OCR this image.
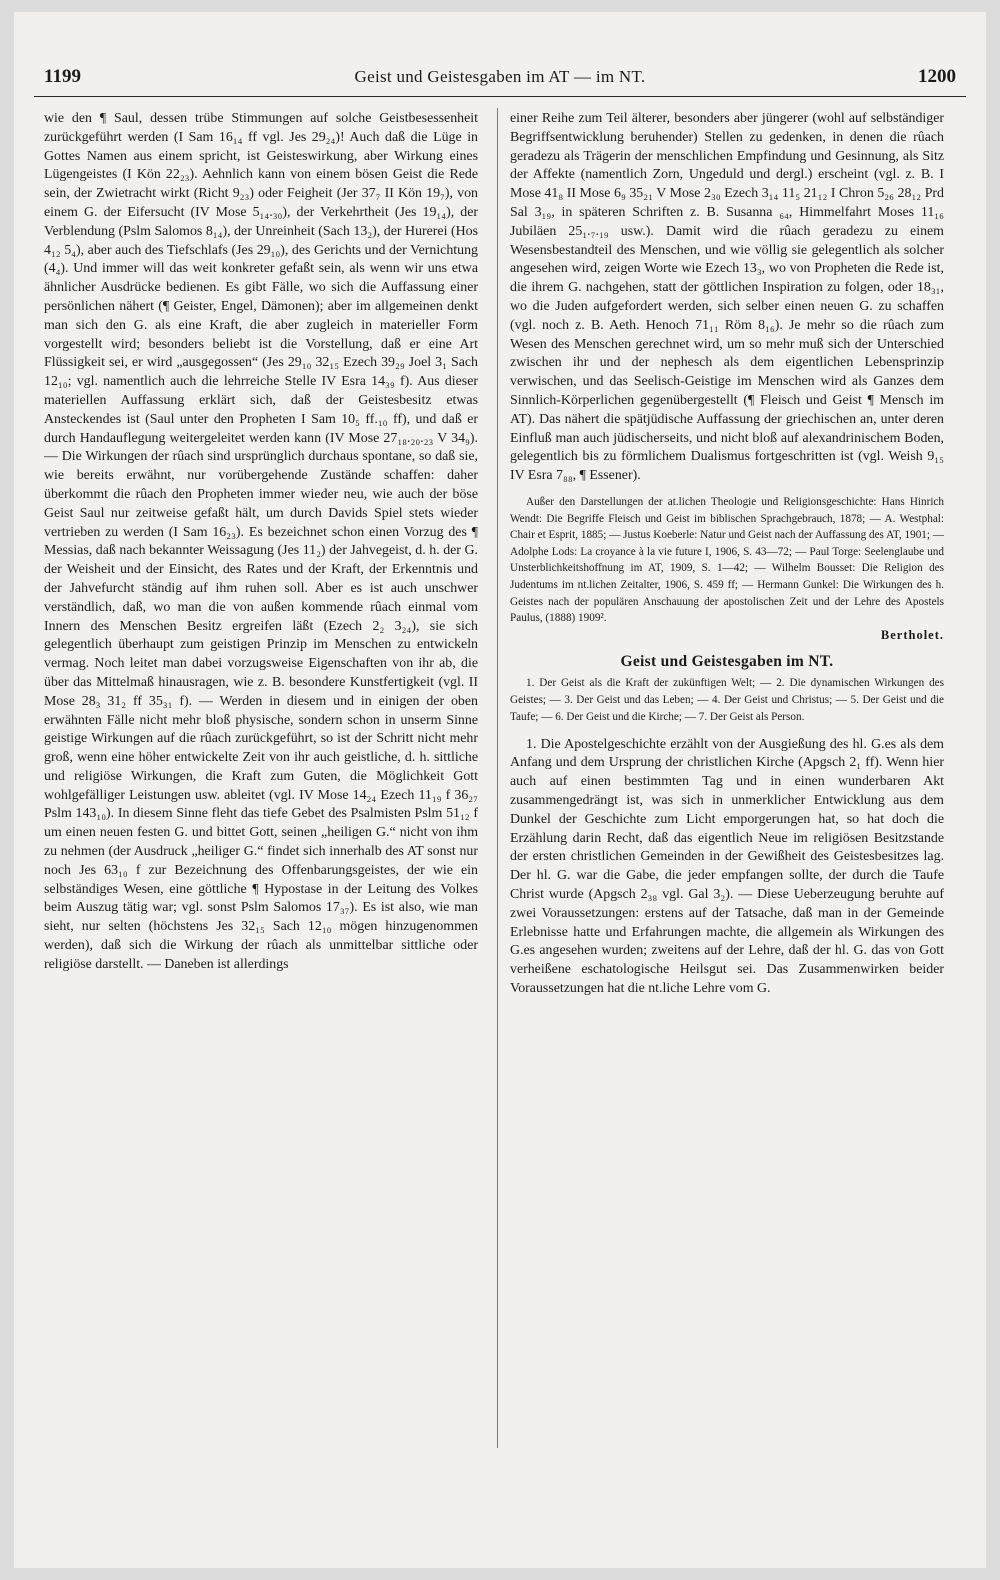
1199	Geist und Geistesgaben im AT — im NT.	1200

wie den ¶ Saul, dessen trübe Stimmungen auf solche Geistbesessenheit zurückgeführt werden (I Sam 16₁₄ ff vgl. Jes 29₂₄)! Auch daß die Lüge in Gottes Namen aus einem spricht, ist Geisteswirkung, aber Wirkung eines Lügengeistes (I Kön 22₂₃). Aehnlich kann von einem bösen Geist die Rede sein, der Zwietracht wirkt (Richt 9₂₃) oder Feigheit (Jer 37₇ II Kön 19₇), von einem G. der Eifersucht (IV Mose 5₁₄.₃₀), der Verkehrtheit (Jes 19₁₄), der Verblendung (Pslm Salomos 8₁₄), der Unreinheit (Sach 13₂), der Hurerei (Hos 4₁₂ 5₄), aber auch des Tiefschlafs (Jes 29₁₀), des Gerichts und der Vernichtung (4₄). Und immer will das weit konkreter gefaßt sein, als wenn wir uns etwa ähnlicher Ausdrücke bedienen. Es gibt Fälle, wo sich die Auffassung einer persönlichen nähert (¶ Geister, Engel, Dämonen); aber im allgemeinen denkt man sich den G. als eine Kraft, die aber zugleich in materieller Form vorgestellt wird; besonders beliebt ist die Vorstellung, daß er eine Art Flüssigkeit sei, er wird „ausgegossen“ (Jes 29₁₀ 32₁₅ Ezech 39₂₉ Joel 3₁ Sach 12₁₀; vgl. namentlich auch die lehrreiche Stelle IV Esra 14₃₉ f). Aus dieser materiellen Auffassung erklärt sich, daß der Geistesbesitz etwas Ansteckendes ist (Saul unter den Propheten I Sam 10₅ ff.₁₀ ff), und daß er durch Handauflegung weitergeleitet werden kann (IV Mose 27₁₈.₂₀.₂₃ V 34₉). — Die Wirkungen der rûach sind ursprünglich durchaus spontane, so daß sie, wie bereits erwähnt, nur vorübergehende Zustände schaffen: daher überkommt die rûach den Propheten immer wieder neu, wie auch der böse Geist Saul nur zeitweise gefaßt hält, um durch Davids Spiel stets wieder vertrieben zu werden (I Sam 16₂₃). Es bezeichnet schon einen Vorzug des ¶ Messias, daß nach bekannter Weissagung (Jes 11₂) der Jahvegeist, d. h. der G. der Weisheit und der Einsicht, des Rates und der Kraft, der Erkenntnis und der Jahvefurcht ständig auf ihm ruhen soll. Aber es ist auch unschwer verständlich, daß, wo man die von außen kommende rûach einmal vom Innern des Menschen Besitz ergreifen läßt (Ezech 2₂ 3₂₄), sie sich gelegentlich überhaupt zum geistigen Prinzip im Menschen zu entwickeln vermag. Noch leitet man dabei vorzugsweise Eigenschaften von ihr ab, die über das Mittelmaß hinausragen, wie z. B. besondere Kunstfertigkeit (vgl. II Mose 28₃ 31₂ ff 35₃₁ f). — Werden in diesem und in einigen der oben erwähnten Fälle nicht mehr bloß physische, sondern schon in unserm Sinne geistige Wirkungen auf die rûach zurückgeführt, so ist der Schritt nicht mehr groß, wenn eine höher entwickelte Zeit von ihr auch geistliche, d. h. sittliche und religiöse Wirkungen, die Kraft zum Guten, die Möglichkeit Gott wohlgefälliger Leistungen usw. ableitet (vgl. IV Mose 14₂₄ Ezech 11₁₉ f 36₂₇ Pslm 143₁₀). In diesem Sinne fleht das tiefe Gebet des Psalmisten Pslm 51₁₂ f um einen neuen festen G. und bittet Gott, seinen „heiligen G.“ nicht von ihm zu nehmen (der Ausdruck „heiliger G.“ findet sich innerhalb des AT sonst nur noch Jes 63₁₀ f zur Bezeichnung des Offenbarungsgeistes, der wie ein selbständiges Wesen, eine göttliche ¶ Hypostase in der Leitung des Volkes beim Auszug tätig war; vgl. sonst Pslm Salomos 17₃₇). Es ist also, wie man sieht, nur selten (höchstens Jes 32₁₅ Sach 12₁₀ mögen hinzugenommen werden), daß sich die Wirkung der rûach als unmittelbar sittliche oder religiöse darstellt. — Daneben ist allerdings

einer Reihe zum Teil älterer, besonders aber jüngerer (wohl auf selbständiger Begriffsentwicklung beruhender) Stellen zu gedenken, in denen die rûach geradezu als Trägerin der menschlichen Empfindung und Gesinnung, als Sitz der Affekte (namentlich Zorn, Ungeduld und dergl.) erscheint (vgl. z. B. I Mose 41₈ II Mose 6₉ 35₂₁ V Mose 2₃₀ Ezech 3₁₄ 11₅ 21₁₂ I Chron 5₂₆ 28₁₂ Prd Sal 3₁₉, in späteren Schriften z. B. Susanna ₆₄, Himmelfahrt Moses 11₁₆ Jubiläen 25₁.₇.₁₉ usw.). Damit wird die rûach geradezu zu einem Wesensbestandteil des Menschen, und wie völlig sie gelegentlich als solcher angesehen wird, zeigen Worte wie Ezech 13₃, wo von Propheten die Rede ist, die ihrem G. nachgehen, statt der göttlichen Inspiration zu folgen, oder 18₃₁, wo die Juden aufgefordert werden, sich selber einen neuen G. zu schaffen (vgl. noch z. B. Aeth. Henoch 71₁₁ Röm 8₁₆). Je mehr so die rûach zum Wesen des Menschen gerechnet wird, um so mehr muß sich der Unterschied zwischen ihr und der nephesch als dem eigentlichen Lebensprinzip verwischen, und das Seelisch-Geistige im Menschen wird als Ganzes dem Sinnlich-Körperlichen gegenübergestellt (¶ Fleisch und Geist ¶ Mensch im AT). Das nähert die spätjüdische Auffassung der griechischen an, unter deren Einfluß man auch jüdischerseits, und nicht bloß auf alexandrinischem Boden, gelegentlich bis zu förmlichem Dualismus fortgeschritten ist (vgl. Weish 9₁₅ IV Esra 7₈₈, ¶ Essener).

Außer den Darstellungen der at.lichen Theologie und Religionsgeschichte: Hans Hinrich Wendt: Die Begriffe Fleisch und Geist im biblischen Sprachgebrauch, 1878; — A. Westphal: Chair et Esprit, 1885; — Justus Koeberle: Natur und Geist nach der Auffassung des AT, 1901; — Adolphe Lods: La croyance à la vie future I, 1906, S. 43—72; — Paul Torge: Seelenglaube und Unsterblichkeitshoffnung im AT, 1909, S. 1—42; — Wilhelm Bousset: Die Religion des Judentums im nt.lichen Zeitalter, 1906, S. 459 ff; — Hermann Gunkel: Die Wirkungen des h. Geistes nach der populären Anschauung der apostolischen Zeit und der Lehre des Apostels Paulus, (1888) 1909².

Bertholet.

Geist und Geistesgaben im NT.

1. Der Geist als die Kraft der zukünftigen Welt; — 2. Die dynamischen Wirkungen des Geistes; — 3. Der Geist und das Leben; — 4. Der Geist und Christus; — 5. Der Geist und die Taufe; — 6. Der Geist und die Kirche; — 7. Der Geist als Person.

1. Die Apostelgeschichte erzählt von der Ausgießung des hl. G.es als dem Anfang und dem Ursprung der christlichen Kirche (Apgsch 2₁ ff). Wenn hier auch auf einen bestimmten Tag und in einen wunderbaren Akt zusammengedrängt ist, was sich in unmerklicher Entwicklung aus dem Dunkel der Geschichte zum Licht emporgerungen hat, so hat doch die Erzählung darin Recht, daß das eigentlich Neue im religiösen Besitzstande der ersten christlichen Gemeinden in der Gewißheit des Geistesbesitzes lag. Der hl. G. war die Gabe, die jeder empfangen sollte, der durch die Taufe Christ wurde (Apgsch 2₃₈ vgl. Gal 3₂). — Diese Ueberzeugung beruhte auf zwei Voraussetzungen: erstens auf der Tatsache, daß man in der Gemeinde Erlebnisse hatte und Erfahrungen machte, die allgemein als Wirkungen des G.es angesehen wurden; zweitens auf der Lehre, daß der hl. G. das von Gott verheißene eschatologische Heilsgut sei. Das Zusammenwirken beider Voraussetzungen hat die nt.liche Lehre vom G.
